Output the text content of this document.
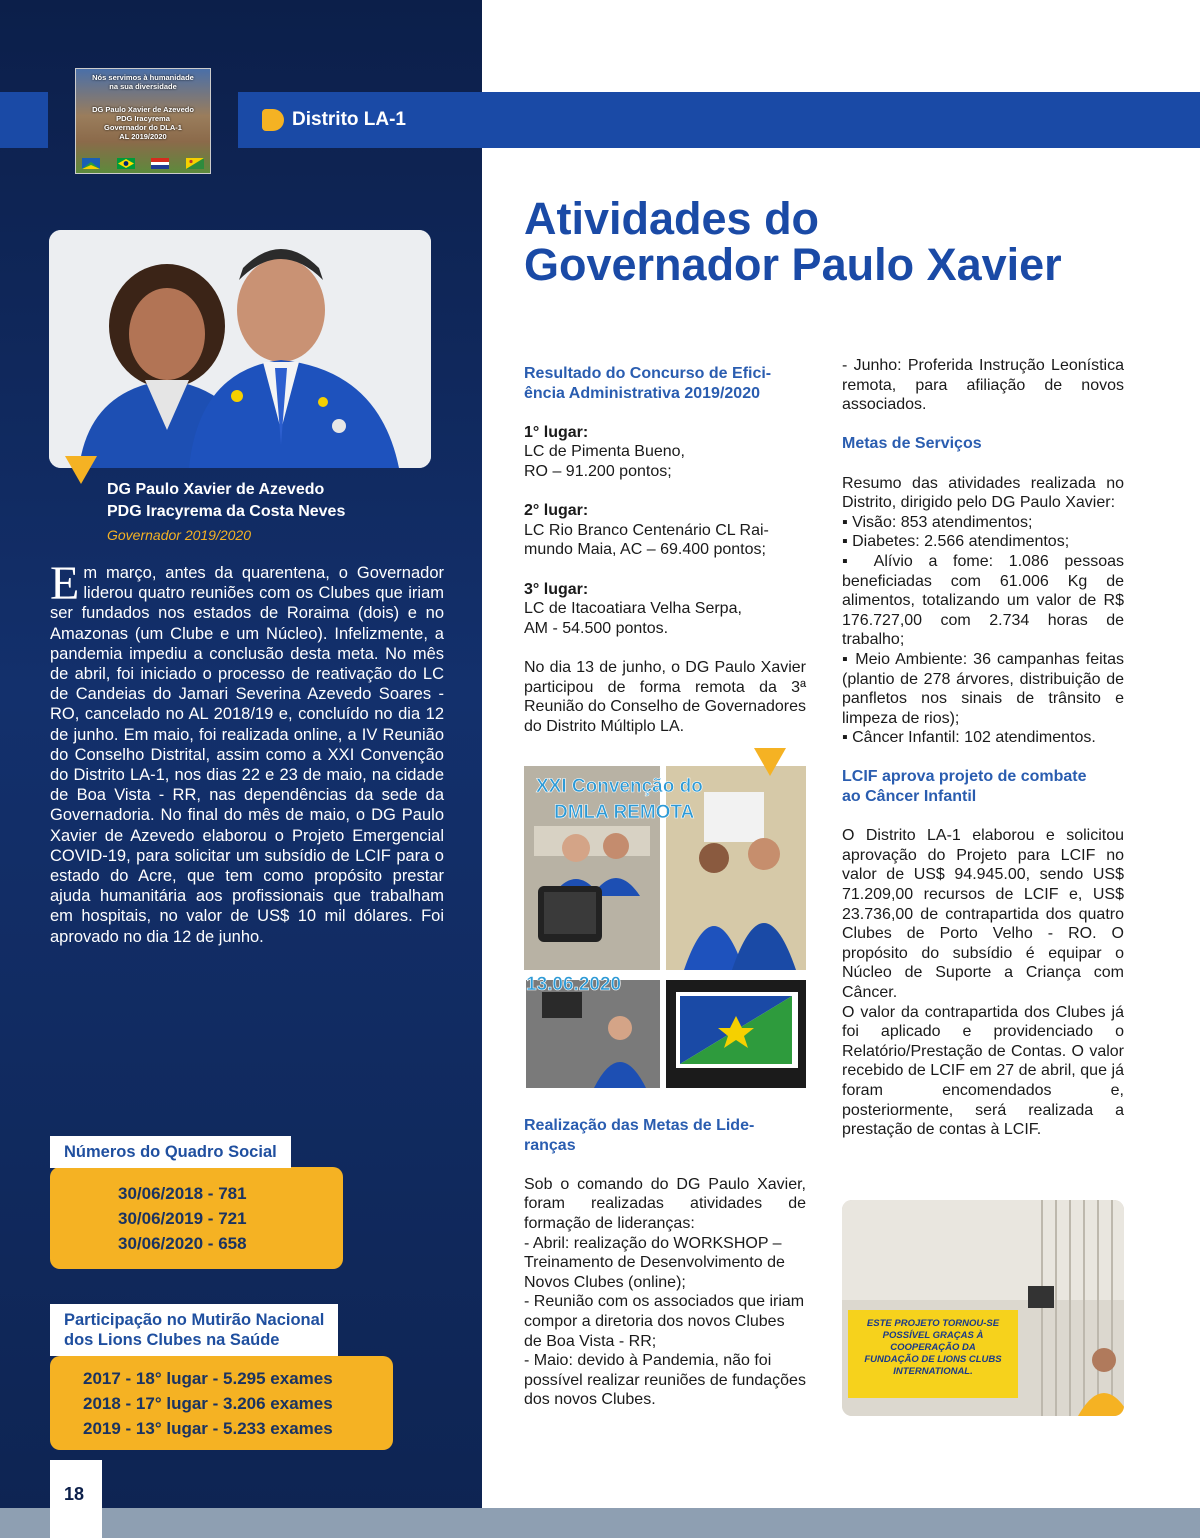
Distrito LA-1
Nós servimos à humanidade
na sua diversidade
DG Paulo Xavier de Azevedo
PDG Iracyrema
Governador do DLA-1
AL 2019/2020
DG Paulo Xavier de Azevedo
PDG Iracyrema da Costa Neves
Governador 2019/2020
Em março, antes da quarentena, o Governador liderou quatro reuniões com os Clubes que iriam ser fundados nos estados de Roraima (dois) e no Amazonas (um Clube e um Núcleo). Infelizmente, a pandemia impediu a conclusão desta meta. No mês de abril, foi iniciado o processo de reativação do LC de Candeias do Jamari Severina Azevedo Soares - RO, cancelado no AL 2018/19 e, concluído no dia 12 de junho. Em maio, foi realizada online, a IV Reunião do Conselho Distrital, assim como a XXI Convenção do Distrito LA-1, nos dias 22 e 23 de maio, na cidade de Boa Vista - RR, nas dependências da sede da Governadoria. No final do mês de maio, o DG Paulo Xavier de Azevedo elaborou o Projeto Emergencial COVID-19, para solicitar um subsídio de LCIF para o estado do Acre, que tem como propósito prestar ajuda humanitária aos profissionais que trabalham em hospitais, no valor de US$ 10 mil dólares. Foi aprovado no dia 12 de junho.
30/06/2018 - 781
30/06/2019 - 721
30/06/2020 - 658
Números do Quadro Social
2017 - 18° lugar - 5.295 exames
2018 - 17° lugar - 3.206 exames
2019 - 13° lugar - 5.233 exames
Participação no Mutirão Nacional
dos Lions Clubes na Saúde
18
Atividades do
Governador Paulo Xavier

Resultado do Concurso de Efici-

ência Administrativa 2019/2020

1° lugar:

LC de Pimenta Bueno,

RO – 91.200 pontos;

2° lugar:

LC Rio Branco Centenário CL Rai-

mundo Maia, AC – 69.400 pontos;

3° lugar:

LC de Itacoatiara Velha Serpa,

AM - 54.500 pontos.

No dia 13 de junho, o DG Paulo Xavier participou de forma remota da 3ª Reunião do Conselho de Governadores do Distrito Múltiplo LA.

XXI Convenção do
DMLA REMOTA
13.06.2020

Realização das Metas de Lide-

ranças

Sob o comando do DG Paulo Xavier, foram realizadas atividades de formação de lideranças:

- Abril: realização do WORKSHOP – Treinamento de Desenvolvimento de Novos Clubes (online);

- Reunião com os associados que iriam compor a diretoria dos novos Clubes de Boa Vista - RR;

- Maio: devido à Pandemia, não foi possível realizar reuniões de fundações dos novos Clubes.

- Junho: Proferida Instrução Leonística remota, para afiliação de novos associados.

Metas de Serviços

Resumo das atividades realizada no Distrito, dirigido pelo DG Paulo Xavier:

▪ Visão: 853 atendimentos;

▪ Diabetes: 2.566 atendimentos;

▪ Alívio a fome: 1.086 pessoas beneficiadas com 61.006 Kg de alimentos, totalizando um valor de R$ 176.727,00 com 2.734 horas de trabalho;

▪ Meio Ambiente: 36 campanhas feitas (plantio de 278 árvores, distribuição de panfletos nos sinais de trânsito e limpeza de rios);

▪ Câncer Infantil: 102 atendimentos.

LCIF aprova projeto de combate

ao Câncer Infantil

O Distrito LA-1 elaborou e solicitou aprovação do Projeto para LCIF no valor de US$ 94.945.00, sendo US$ 71.209,00 recursos de LCIF e, US$ 23.736,00 de contrapartida dos quatro Clubes de Porto Velho - RO. O propósito do subsídio é equipar o Núcleo de Suporte a Criança com Câncer.

O valor da contrapartida dos Clubes já foi aplicado e providenciado o Relatório/Prestação de Contas. O valor recebido de LCIF em 27 de abril, que já foram encomendados e, posteriormente, será realizada a prestação de contas à LCIF.

ESTE PROJETO TORNOU-SE
POSSÍVEL GRAÇAS À
COOPERAÇÃO DA
FUNDAÇÃO DE LIONS CLUBS
INTERNATIONAL.
